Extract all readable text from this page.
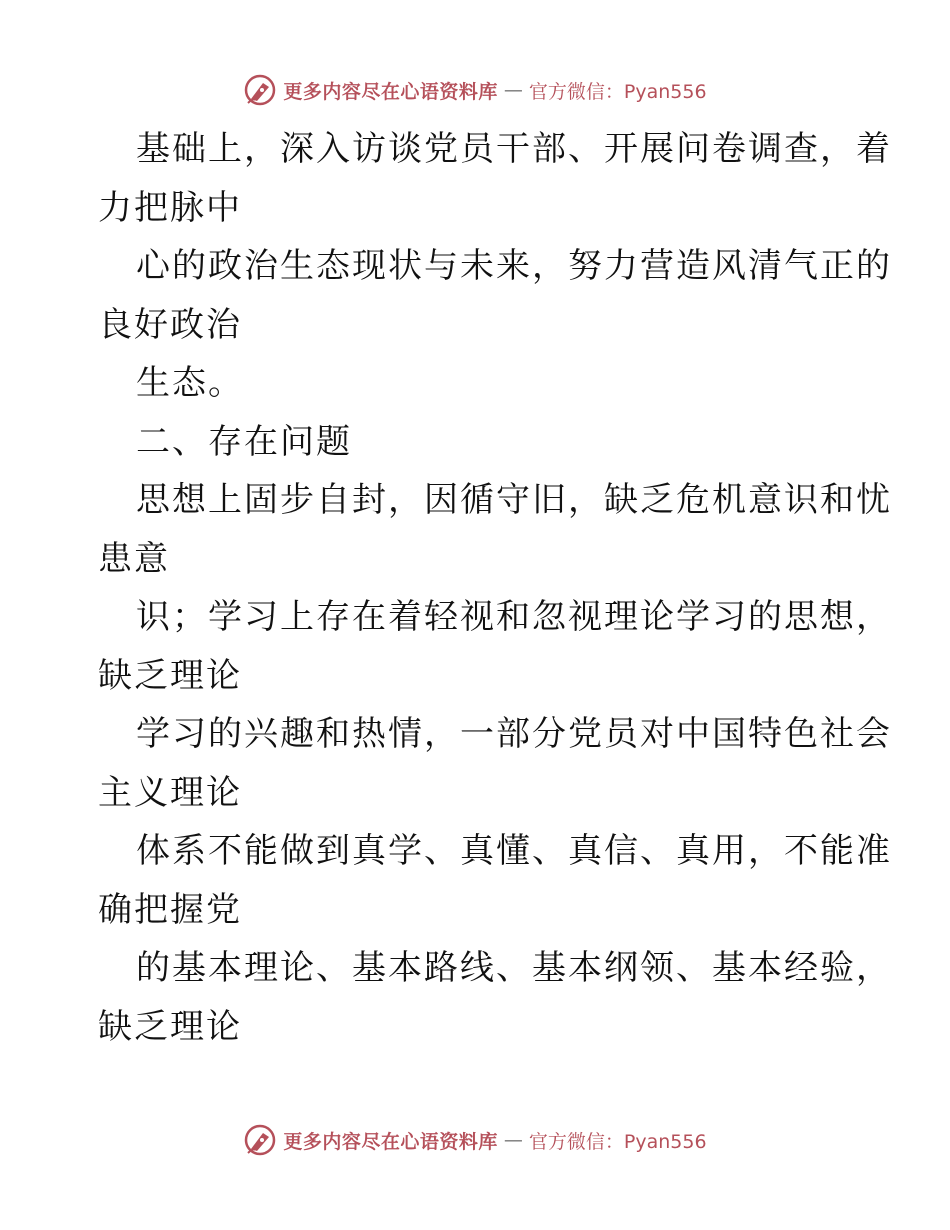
更多内容尽在心语资料库 — 官方微信：Pyan556
基础上，深入访谈党员干部、开展问卷调查，着
力把脉中
心的政治生态现状与未来，努力营造风清气正的
良好政治
生态。
二、存在问题
思想上固步自封，因循守旧，缺乏危机意识和忧
患意
识；学习上存在着轻视和忽视理论学习的思想，
缺乏理论
学习的兴趣和热情，一部分党员对中国特色社会
主义理论
体系不能做到真学、真懂、真信、真用，不能准
确把握党
的基本理论、基本路线、基本纲领、基本经验，
缺乏理论
更多内容尽在心语资料库 — 官方微信：Pyan556
